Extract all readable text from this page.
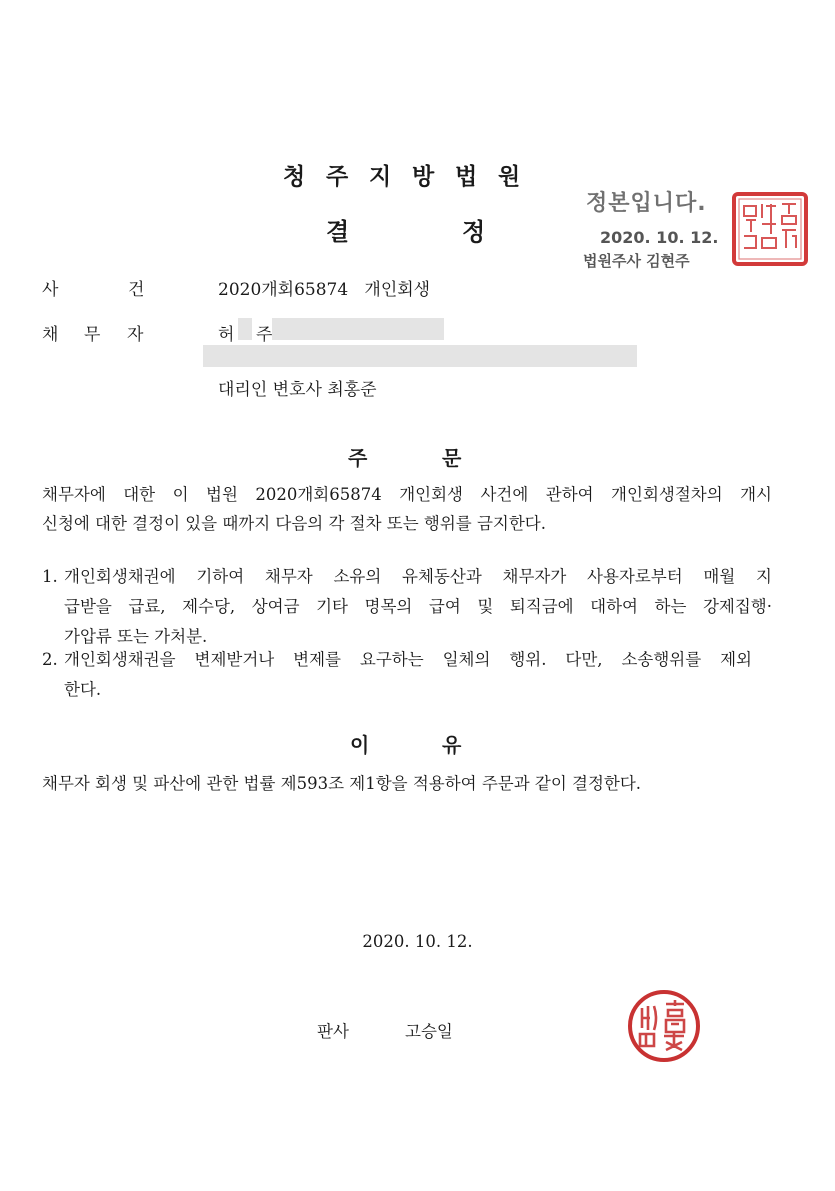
청 주 지 방 법 원
결	정
정본입니다.
2020. 10. 12.
법원주사 김현주
사	건	2020개회65874 개인회생
채 무 자	허 주
대리인 변호사 최홍준
주	문
채무자에 대한 이 법원 2020개회65874 개인회생 사건에 관하여 개인회생절차의 개시
신청에 대한 결정이 있을 때까지 다음의 각 절차 또는 행위를 금지한다.
1. 개인회생채권에 기하여 채무자 소유의 유체동산과 채무자가 사용자로부터 매월 지
급받을 급료, 제수당, 상여금 기타 명목의 급여 및 퇴직금에 대하여 하는 강제집행·
가압류 또는 가처분.
2. 개인회생채권을 변제받거나 변제를 요구하는 일체의 행위. 다만, 소송행위를 제외
한다.
이	유
채무자 회생 및 파산에 관한 법률 제593조 제1항을 적용하여 주문과 같이 결정한다.
2020. 10. 12.
판사	고승일
